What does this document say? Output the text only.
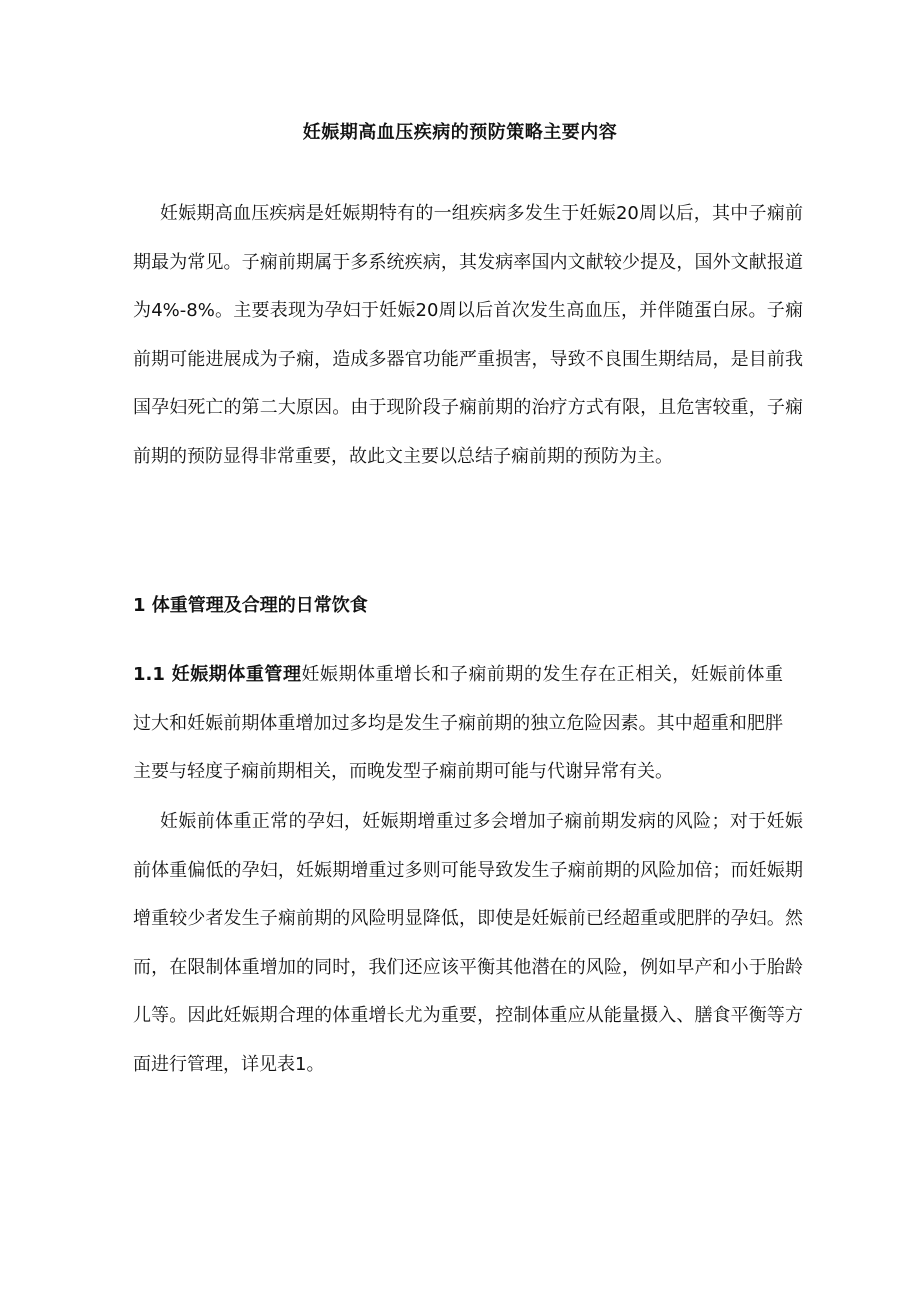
妊娠期高血压疾病的预防策略主要内容

妊娠期高血压疾病是妊娠期特有的一组疾病多发生于妊娠20周以后，其中子痫前期最为常见。子痫前期属于多系统疾病，其发病率国内文献较少提及，国外文献报道为4%-8%。主要表现为孕妇于妊娠20周以后首次发生高血压，并伴随蛋白尿。子痫前期可能进展成为子痫，造成多器官功能严重损害，导致不良围生期结局，是目前我国孕妇死亡的第二大原因。由于现阶段子痫前期的治疗方式有限，且危害较重，子痫前期的预防显得非常重要，故此文主要以总结子痫前期的预防为主。

1 体重管理及合理的日常饮食

1.1 妊娠期体重管理妊娠期体重增长和子痫前期的发生存在正相关，妊娠前体重过大和妊娠前期体重增加过多均是发生子痫前期的独立危险因素。其中超重和肥胖主要与轻度子痫前期相关，而晚发型子痫前期可能与代谢异常有关。

妊娠前体重正常的孕妇，妊娠期增重过多会增加子痫前期发病的风险；对于妊娠前体重偏低的孕妇，妊娠期增重过多则可能导致发生子痫前期的风险加倍；而妊娠期增重较少者发生子痫前期的风险明显降低，即使是妊娠前已经超重或肥胖的孕妇。然而，在限制体重增加的同时，我们还应该平衡其他潜在的风险，例如早产和小于胎龄儿等。因此妊娠期合理的体重增长尤为重要，控制体重应从能量摄入、膳食平衡等方面进行管理，详见表1。
